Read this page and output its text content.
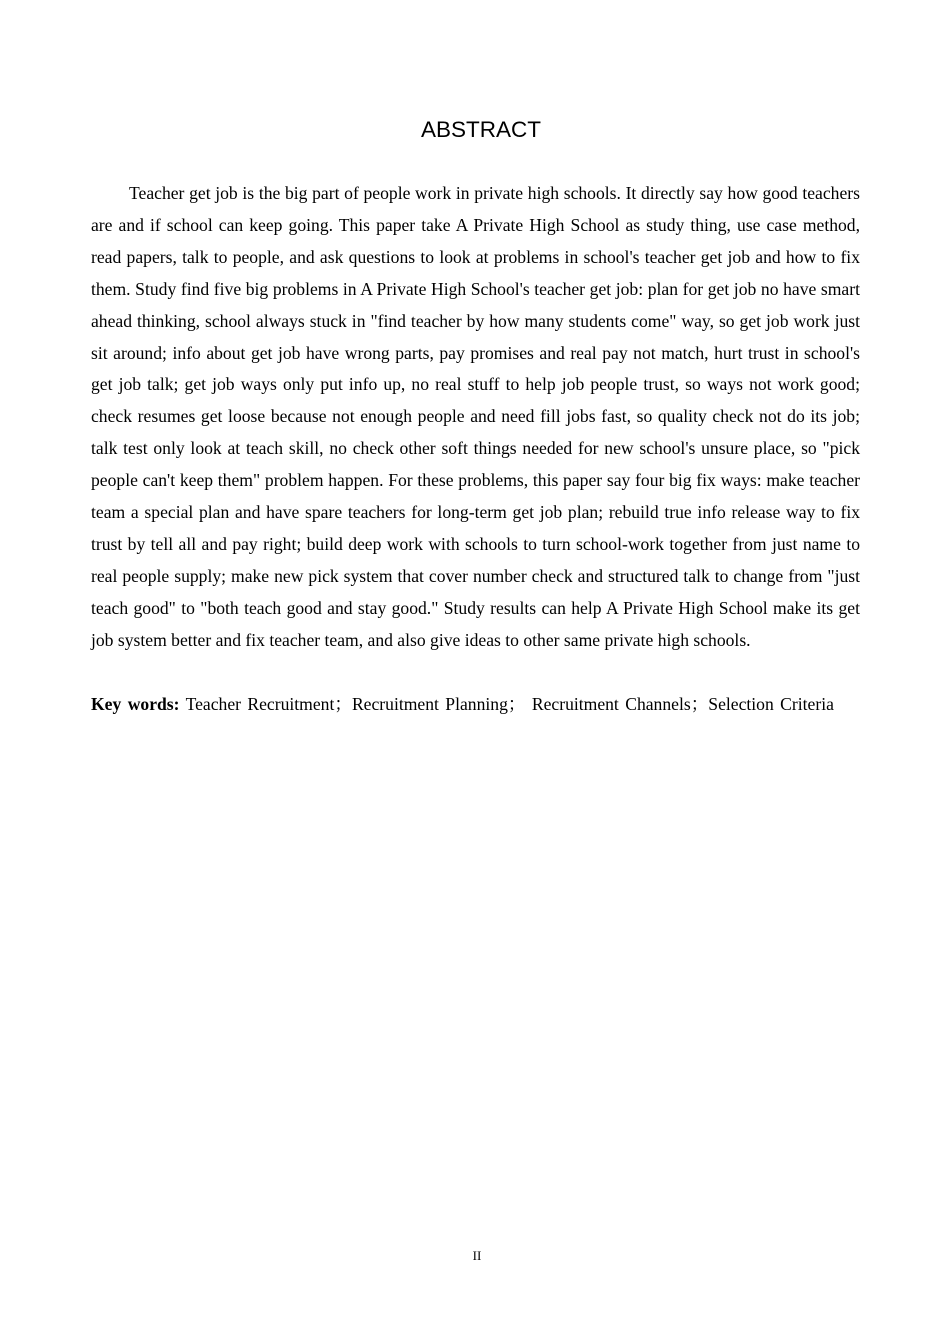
ABSTRACT

Teacher get job is the big part of people work in private high schools. It directly say how good teachers are and if school can keep going. This paper take A Private High School as study thing, use case method, read papers, talk to people, and ask questions to look at problems in school's teacher get job and how to fix them. Study find five big problems in A Private High School's teacher get job: plan for get job no have smart ahead thinking, school always stuck in "find teacher by how many students come" way, so get job work just sit around; info about get job have wrong parts, pay promises and real pay not match, hurt trust in school's get job talk; get job ways only put info up, no real stuff to help job people trust, so ways not work good; check resumes get loose because not enough people and need fill jobs fast, so quality check not do its job; talk test only look at teach skill, no check other soft things needed for new school's unsure place, so "pick people can't keep them" problem happen. For these problems, this paper say four big fix ways: make teacher team a special plan and have spare teachers for long-term get job plan; rebuild true info release way to fix trust by tell all and pay right; build deep work with schools to turn school-work together from just name to real people supply; make new pick system that cover number check and structured talk to change from "just teach good" to "both teach good and stay good." Study results can help A Private High School make its get job system better and fix teacher team, and also give ideas to other same private high schools.

Key words: Teacher Recruitment；Recruitment Planning； Recruitment Channels；Selection Criteria

II
